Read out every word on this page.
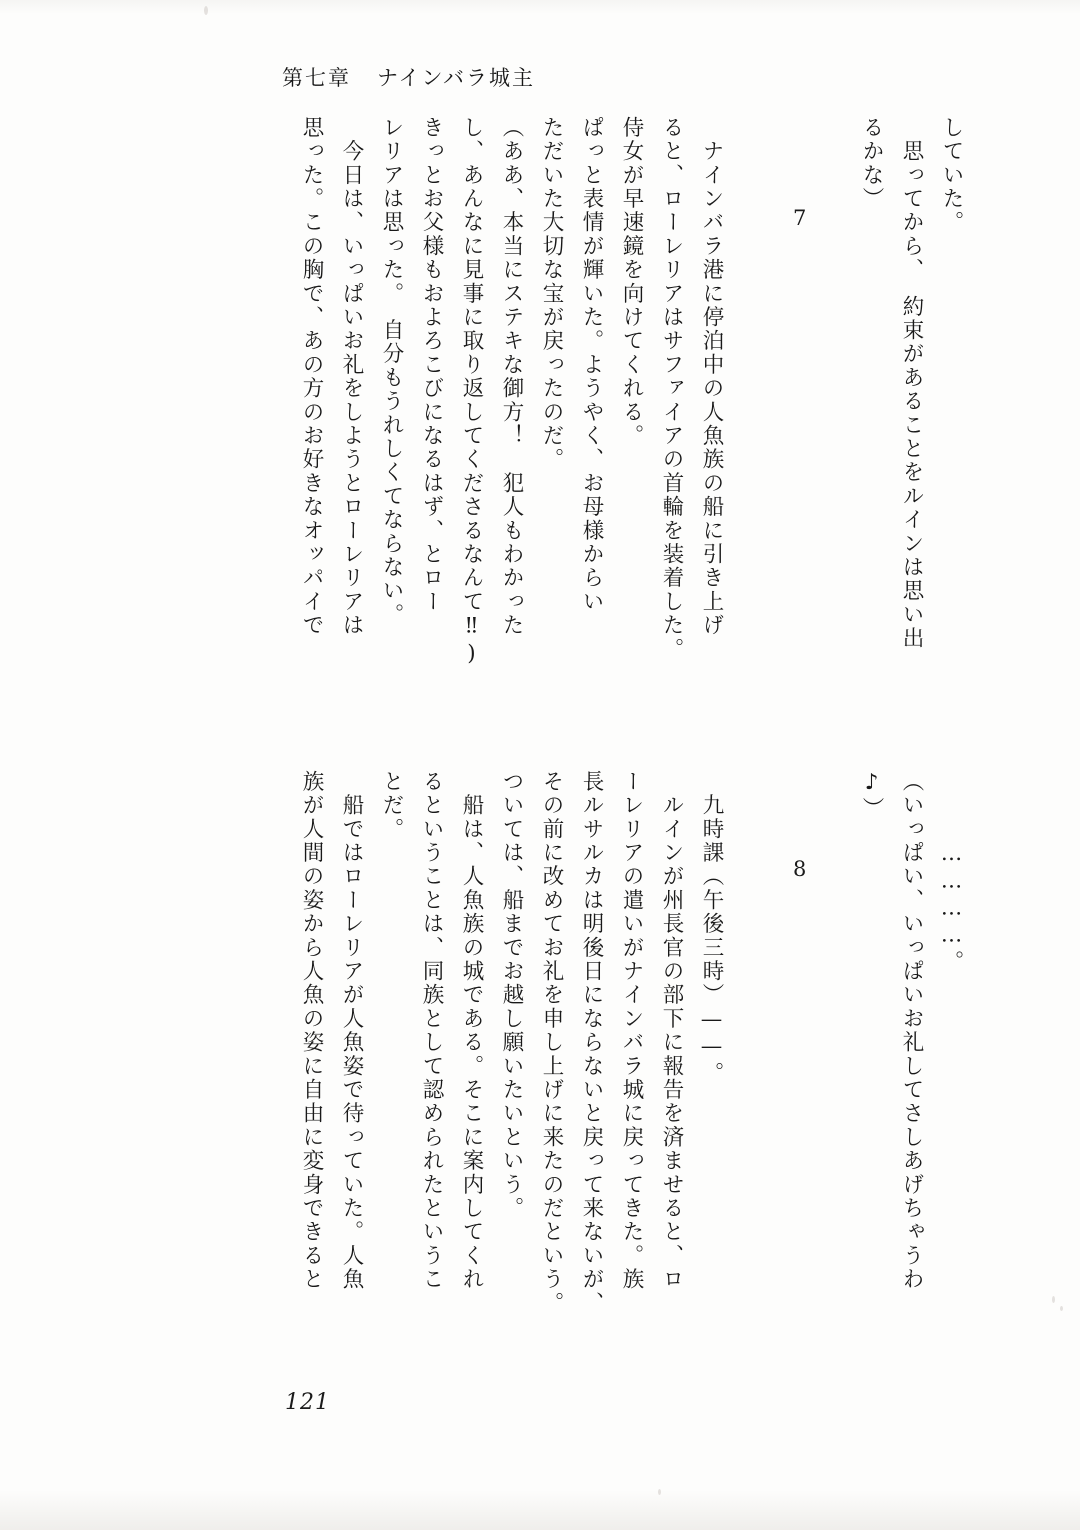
第七章 ナインバラ城主
7
8
していた。
　思ってから、　約束があることをルインは思い出
るかな）
　ナインバラ港に停泊中の人魚族の船に引き上げ
ると、ローレリアはサファイアの首輪を装着した。
侍女が早速鏡を向けてくれる。
ぱっと表情が輝いた。ようやく、お母様からい
ただいた大切な宝が戻ったのだ。
（ああ、本当にステキな御方！　犯人もわかった
し、あんなに見事に取り返してくださるなんて‼)
きっとお父様もおよろこびになるはず、とロー
レリアは思った。　自分もうれしくてならない。
　今日は、いっぱいお礼をしようとローレリアは
思った。この胸で、あの方のお好きなオッパイで
　　　…………。
（いっぱい、いっぱいお礼してさしあげちゃうわ
♪）
　九時課（午後三時）——。
　ルインが州長官の部下に報告を済ませると、ロ
ーレリアの遣いがナインバラ城に戻ってきた。族
長ルサルカは明後日にならないと戻って来ないが、
その前に改めてお礼を申し上げに来たのだという。
ついては、船までお越し願いたいという。
　船は、人魚族の城である。そこに案内してくれ
るということは、同族として認められたというこ
とだ。
　船ではローレリアが人魚姿で待っていた。人魚
族が人間の姿から人魚の姿に自由に変身できると
121
